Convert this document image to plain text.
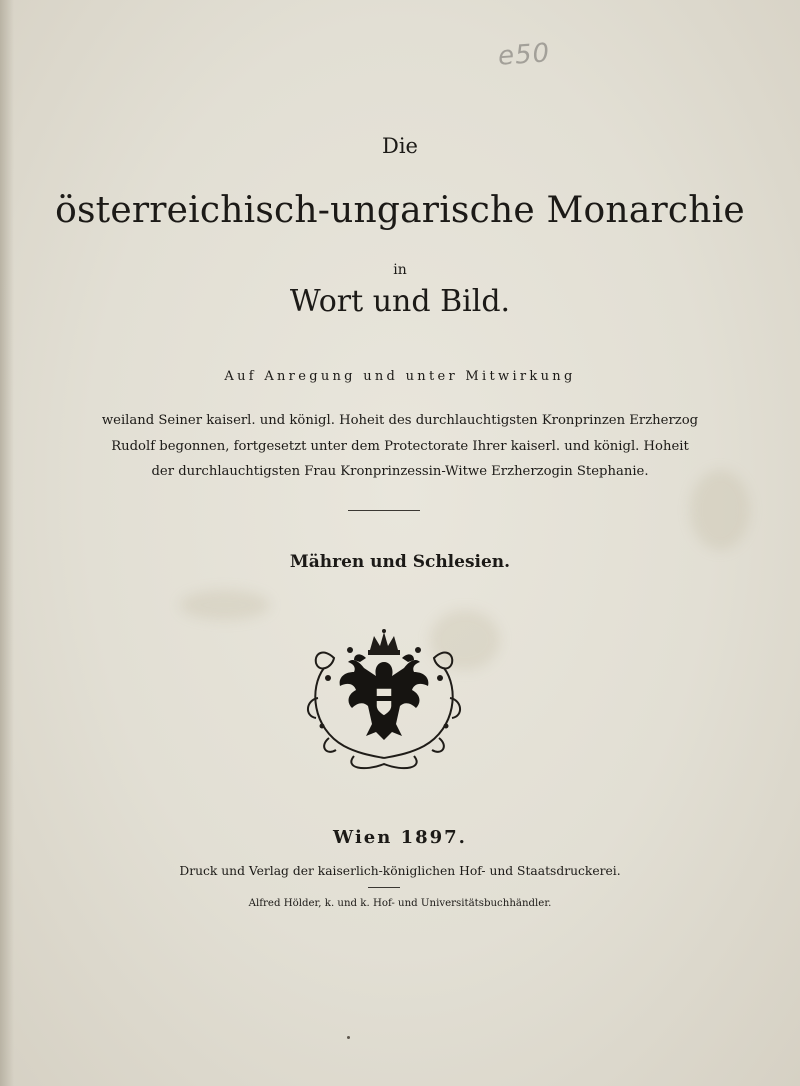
e50
Die
österreichisch-ungarische Monarchie
in
Wort und Bild.
Auf Anregung und unter Mitwirkung
weiland Seiner kaiserl. und königl. Hoheit des durchlauchtigsten Kronprinzen Erzherzog
Rudolf begonnen, fortgesetzt unter dem Protectorate Ihrer kaiserl. und königl. Hoheit
der durchlauchtigsten Frau Kronprinzessin-Witwe Erzherzogin Stephanie.
Mähren und Schlesien.
Wien 1897.
Druck und Verlag der kaiserlich-königlichen Hof- und Staatsdruckerei.
Alfred Hölder, k. und k. Hof- und Universitätsbuchhändler.
